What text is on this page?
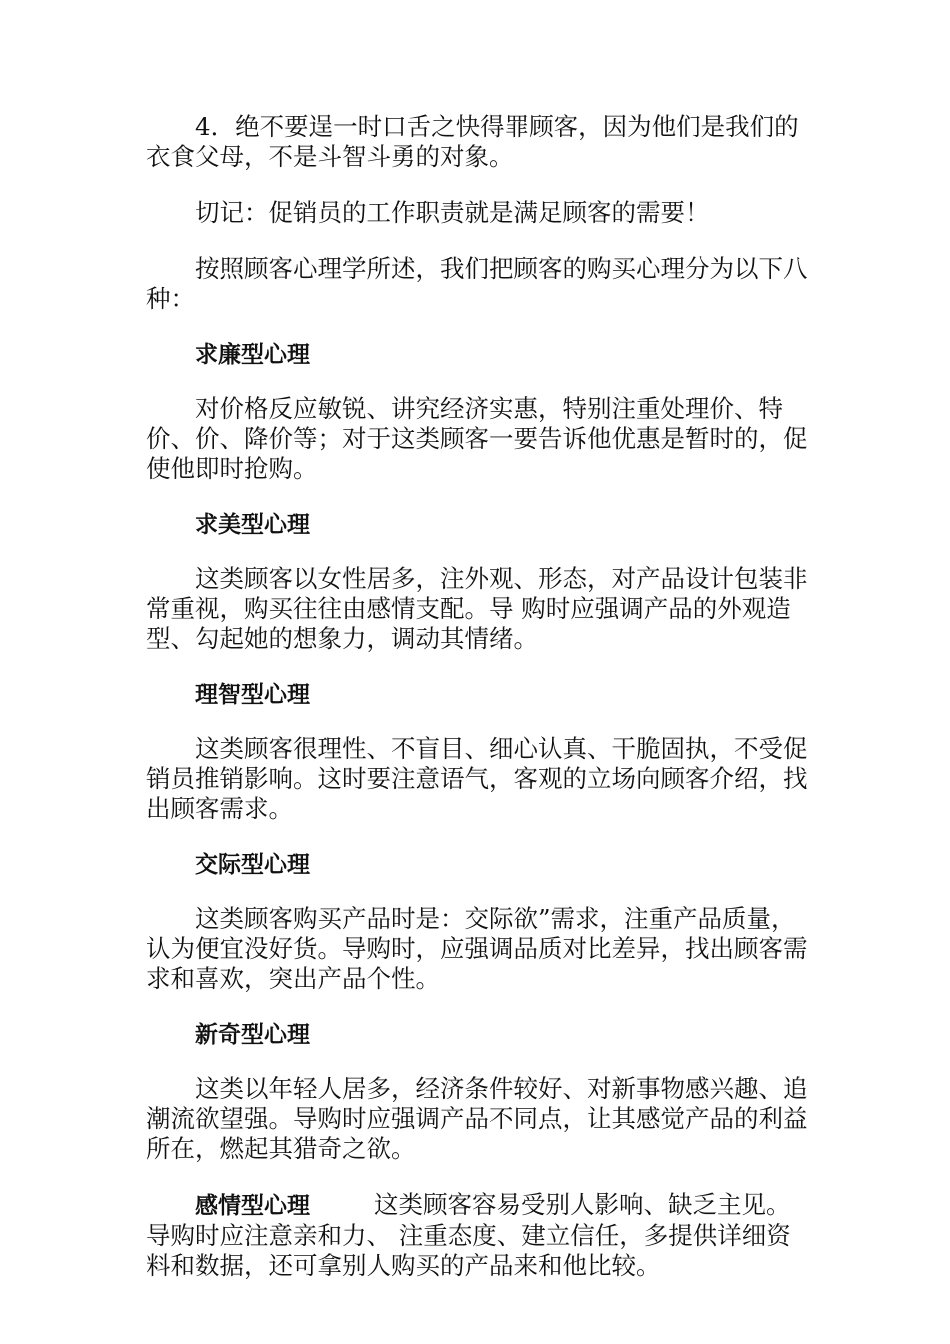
4．绝不要逞一时口舌之快得罪顾客，因为他们是我们的衣食父母，不是斗智斗勇的对象。

切记：促销员的工作职责就是满足顾客的需要！

按照顾客心理学所述，我们把顾客的购买心理分为以下八种：

求廉型心理

对价格反应敏锐、讲究经济实惠，特别注重处理价、特价、价、降价等；对于这类顾客一要告诉他优惠是暂时的，促使他即时抢购。

求美型心理

这类顾客以女性居多，注外观、形态，对产品设计包装非常重视，购买往往由感情支配。导 购时应强调产品的外观造型、勾起她的想象力，调动其情绪。

理智型心理

这类顾客很理性、不盲目、细心认真、干脆固执，不受促销员推销影响。这时要注意语气，客观的立场向顾客介绍，找出顾客需求。

交际型心理

这类顾客购买产品时是：交际欲”需求，注重产品质量，认为便宜没好货。导购时，应强调品质对比差异，找出顾客需求和喜欢，突出产品个性。

新奇型心理

这类以年轻人居多，经济条件较好、对新事物感兴趣、追潮流欲望强。导购时应强调产品不同点，让其感觉产品的利益所在，燃起其猎奇之欲。

感情型心理	这类顾客容易受别人影响、缺乏主见。导购时应注意亲和力、 注重态度、建立信任，多提供详细资料和数据，还可拿别人购买的产品来和他比较。
